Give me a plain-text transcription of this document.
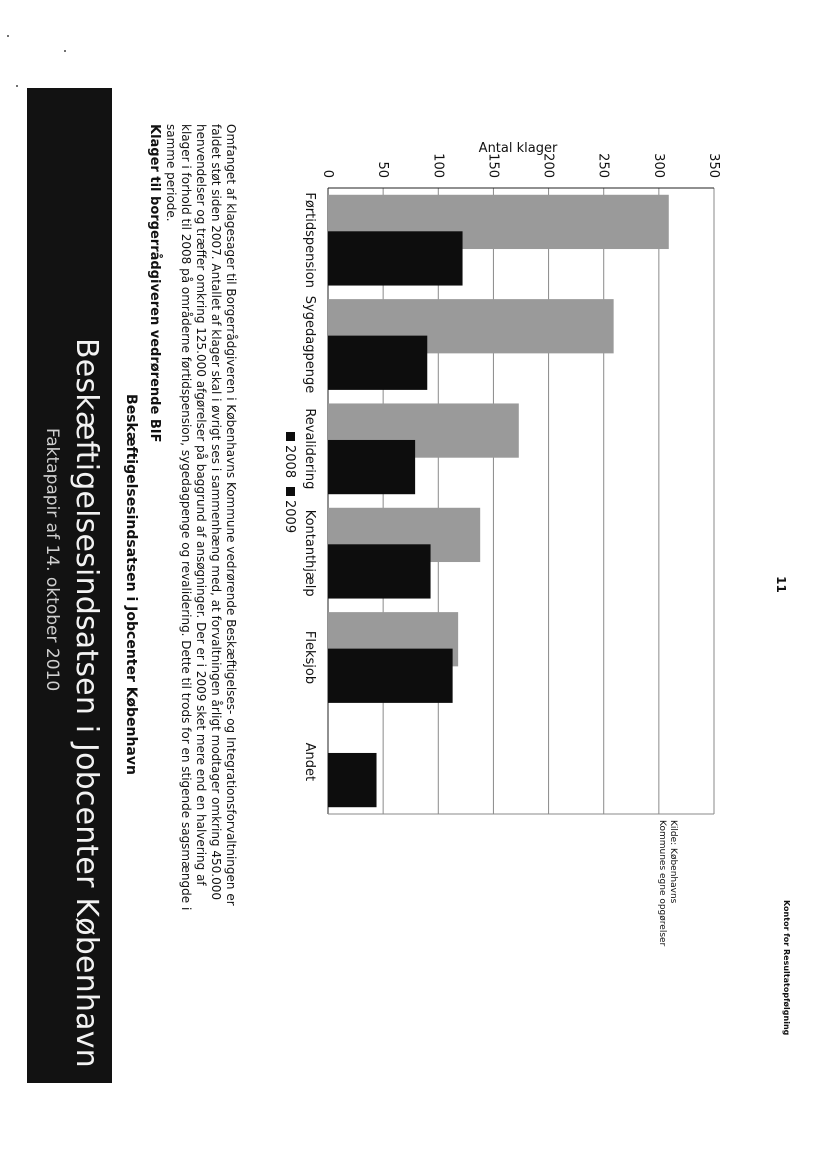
Beskæftigelsesindsatsen i Jobcenter København
Faktapapir af 14. oktober 2010	Beskæftigelsesindsatsen i Jobcenter København
Klager til borgerrådgiveren vedrørende BIF	Omfanget af klagesager til Borgerrådgiveren i Københavns Kommune vedrørende Beskæftigelses- og Integrationsforvaltningen er faldet støt siden 2007. Antallet af klager skal i øvrigt ses i sammenhæng med, at forvaltningen årligt modtager omkring 450.000 henvendelser og træffer omkring 125.000 afgørelser på baggrund af ansøgninger. Der er i 2009 sket mere end en halvering af klager i forhold til 2008 på områderne førtidspension, sygedagpenge og revalidering. Dette til trods for en stigende sagsmængde i samme periode.	Antal klager
0	50	100	150	200	250	300	350
Førtidspension
Sygedagpenge
Revalidering
Kontanthjælp
Fleksjob
Andet
2008
2009
Kilde: Københavns
Kommunes egne opgørelser
11
Kontor for Resultatopfølgning
